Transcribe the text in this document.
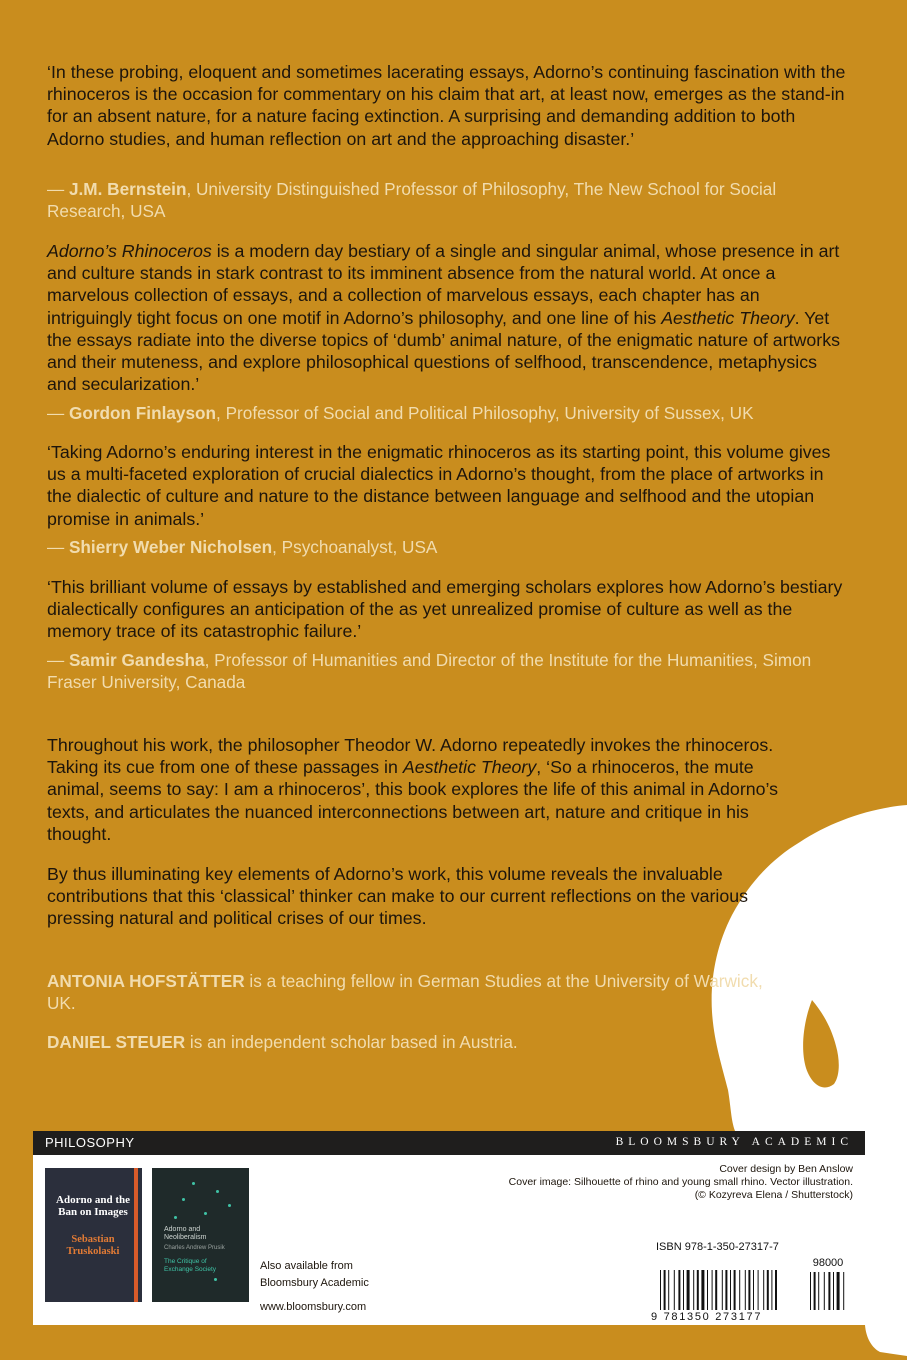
‘In these probing, eloquent and sometimes lacerating essays, Adorno’s continuing fascination with the rhinoceros is the occasion for commentary on his claim that art, at least now, emerges as the stand-in for an absent nature, for a nature facing extinction. A surprising and demanding addition to both Adorno studies, and human reflection on art and the approaching disaster.’

— J.M. Bernstein, University Distinguished Professor of Philosophy, The New School for Social Research, USA

Adorno’s Rhinoceros is a modern day bestiary of a single and singular animal, whose presence in art and culture stands in stark contrast to its imminent absence from the natural world. At once a marvelous collection of essays, and a collection of marvelous essays, each chapter has an intriguingly tight focus on one motif in Adorno’s philosophy, and one line of his Aesthetic Theory. Yet the essays radiate into the diverse topics of ‘dumb’ animal nature, of the enigmatic nature of artworks and their muteness, and explore philosophical questions of selfhood, transcendence, metaphysics and secularization.’

— Gordon Finlayson, Professor of Social and Political Philosophy, University of Sussex, UK

‘Taking Adorno’s enduring interest in the enigmatic rhinoceros as its starting point, this volume gives us a multi-faceted exploration of crucial dialectics in Adorno’s thought, from the place of artworks in the dialectic of culture and nature to the distance between language and selfhood and the utopian promise in animals.’

— Shierry Weber Nicholsen, Psychoanalyst, USA

‘This brilliant volume of essays by established and emerging scholars explores how Adorno’s bestiary dialectically configures an anticipation of the as yet unrealized promise of culture as well as the memory trace of its catastrophic failure.’

— Samir Gandesha, Professor of Humanities and Director of the Institute for the Humanities, Simon Fraser University, Canada

Throughout his work, the philosopher Theodor W. Adorno repeatedly invokes the rhinoceros. Taking its cue from one of these passages in Aesthetic Theory, ‘So a rhinoceros, the mute animal, seems to say: I am a rhinoceros’, this book explores the life of this animal in Adorno’s texts, and articulates the nuanced interconnections between art, nature and critique in his thought.

By thus illuminating key elements of Adorno’s work, this volume reveals the invaluable contributions that this ‘classical’ thinker can make to our current reflections on the various pressing natural and political crises of our times.

ANTONIA HOFSTÄTTER is a teaching fellow in German Studies at the University of Warwick, UK.

DANIEL STEUER is an independent scholar based in Austria.

PHILOSOPHY	BLOOMSBURY ACADEMIC
Adorno and the Ban on Images
Sebastian Truskolaski
Adorno and Neoliberalism
Charles Andrew Prusik
The Critique of Exchange Society	Also available from
Bloomsbury Academic
www.bloomsbury.com
Cover design by Ben Anslow
Cover image: Silhouette of rhino and young small rhino. Vector illustration.
(© Kozyreva Elena / Shutterstock)
ISBN 978-1-350-27317-7
98000
9 781350 273177
